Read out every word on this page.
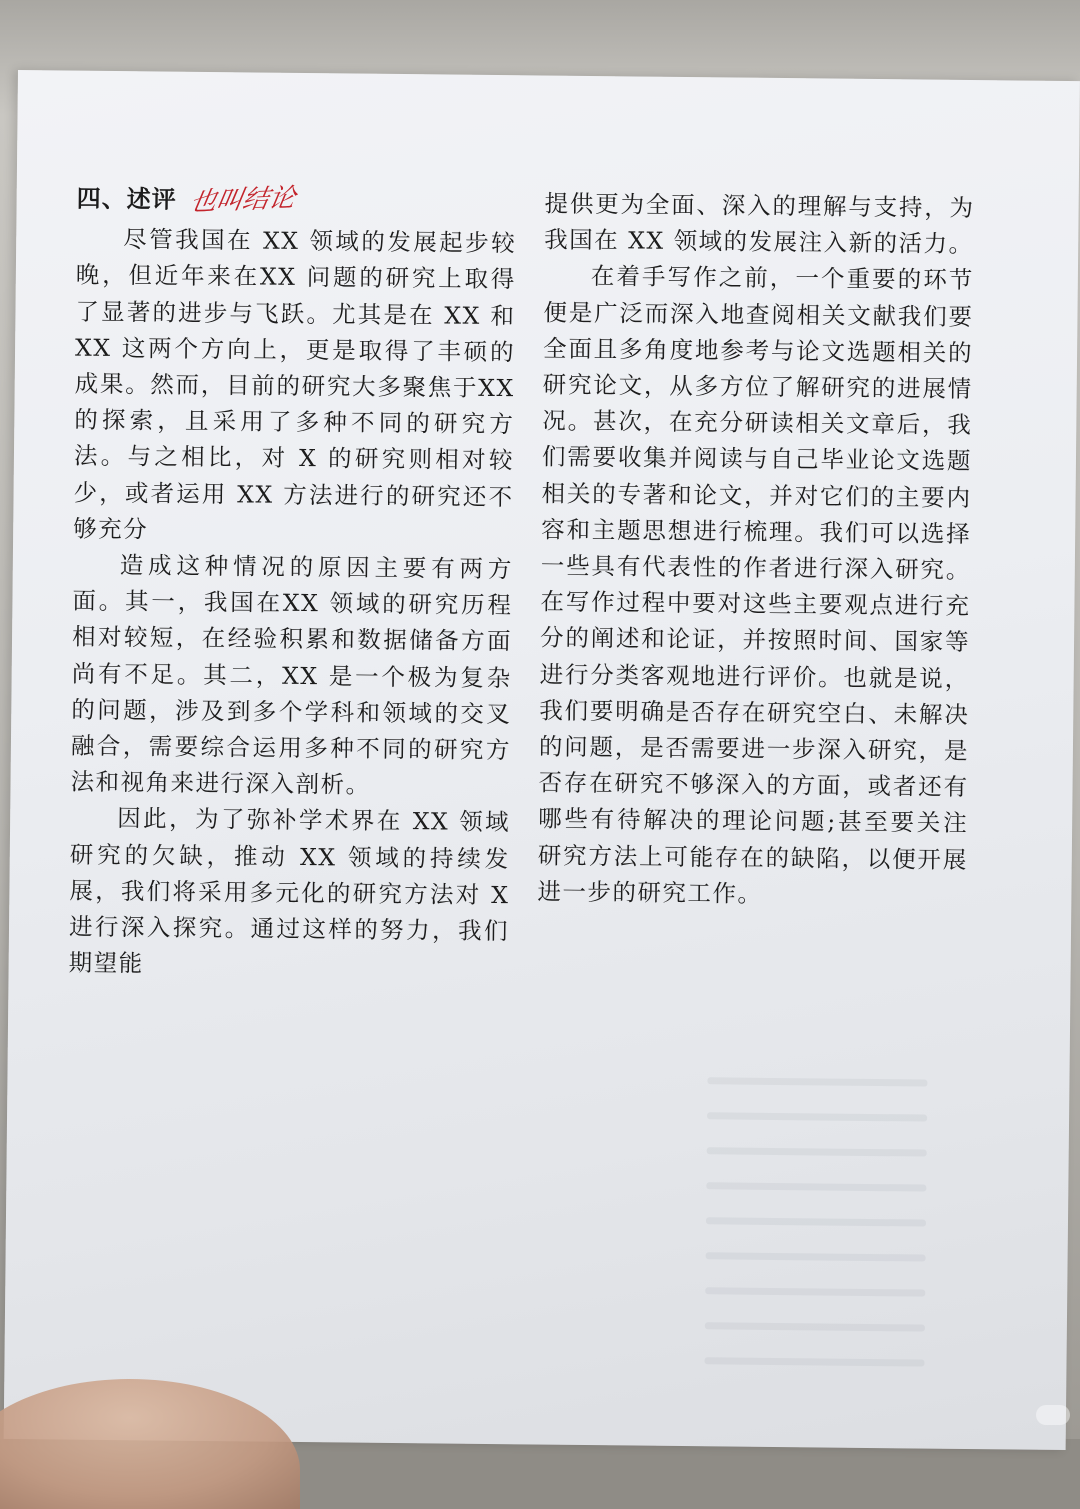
四、述评 也叫结论

尽管我国在 XX 领域的发展起步较晚，但近年来在XX 问题的研究上取得了显著的进步与飞跃。尤其是在 XX 和 XX 这两个方向上，更是取得了丰硕的成果。然而，目前的研究大多聚焦于XX 的探索，且采用了多种不同的研究方法。与之相比，对 X 的研究则相对较少，或者运用 XX 方法进行的研究还不够充分

造成这种情况的原因主要有两方面。其一，我国在XX 领域的研究历程相对较短，在经验积累和数据储备方面尚有不足。其二，XX 是一个极为复杂的问题，涉及到多个学科和领域的交叉融合，需要综合运用多种不同的研究方法和视角来进行深入剖析。

因此，为了弥补学术界在 XX 领域研究的欠缺，推动 XX 领域的持续发展，我们将采用多元化的研究方法对 X 进行深入探究。通过这样的努力，我们期望能

提供更为全面、深入的理解与支持，为我国在 XX 领域的发展注入新的活力。

在着手写作之前，一个重要的环节便是广泛而深入地查阅相关文献我们要全面且多角度地参考与论文选题相关的研究论文，从多方位了解研究的进展情况。甚次，在充分研读相关文章后，我们需要收集并阅读与自己毕业论文选题相关的专著和论文，并对它们的主要内容和主题思想进行梳理。我们可以选择一些具有代表性的作者进行深入研究。在写作过程中要对这些主要观点进行充分的阐述和论证，并按照时间、国家等进行分类客观地进行评价。也就是说，我们要明确是否存在研究空白、未解决的问题，是否需要进一步深入研究，是否存在研究不够深入的方面，或者还有哪些有待解决的理论问题;甚至要关注研究方法上可能存在的缺陷，以便开展进一步的研究工作。
